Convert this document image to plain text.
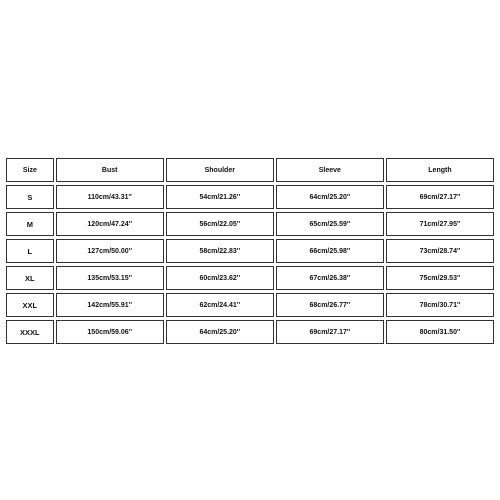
Size	Bust	Shoulder	Sleeve	Length
S	110cm/43.31''	54cm/21.26''	64cm/25.20''	69cm/27.17''
M	120cm/47.24''	56cm/22.05''	65cm/25.59''	71cm/27.95''
L	127cm/50.00''	58cm/22.83''	66cm/25.98''	73cm/28.74''
XL	135cm/53.15''	60cm/23.62''	67cm/26.38''	75cm/29.53''
XXL	142cm/55.91''	62cm/24.41''	68cm/26.77''	78cm/30.71''
XXXL	150cm/59.06''	64cm/25.20''	69cm/27.17''	80cm/31.50''
